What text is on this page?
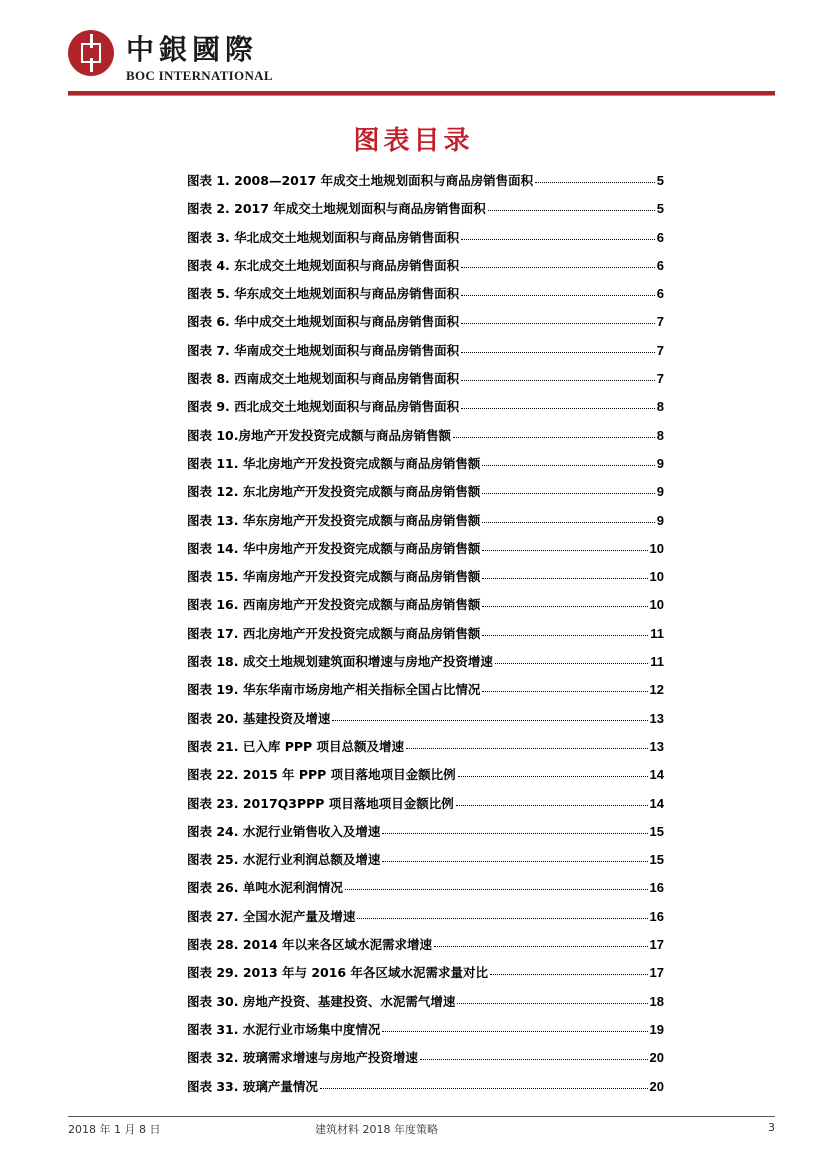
中銀國際
BOC INTERNATIONAL
图表目录
图表 1. 2008—2017 年成交土地规划面积与商品房销售面积	5
图表 2. 2017 年成交土地规划面积与商品房销售面积	5
图表 3. 华北成交土地规划面积与商品房销售面积	6
图表 4. 东北成交土地规划面积与商品房销售面积	6
图表 5. 华东成交土地规划面积与商品房销售面积	6
图表 6. 华中成交土地规划面积与商品房销售面积	7
图表 7. 华南成交土地规划面积与商品房销售面积	7
图表 8. 西南成交土地规划面积与商品房销售面积	7
图表 9. 西北成交土地规划面积与商品房销售面积	8
图表 10.房地产开发投资完成额与商品房销售额	8
图表 11. 华北房地产开发投资完成额与商品房销售额	9
图表 12. 东北房地产开发投资完成额与商品房销售额	9
图表 13. 华东房地产开发投资完成额与商品房销售额	9
图表 14. 华中房地产开发投资完成额与商品房销售额	10
图表 15. 华南房地产开发投资完成额与商品房销售额	10
图表 16. 西南房地产开发投资完成额与商品房销售额	10
图表 17. 西北房地产开发投资完成额与商品房销售额	11
图表 18. 成交土地规划建筑面积增速与房地产投资增速	11
图表 19. 华东华南市场房地产相关指标全国占比情况	12
图表 20. 基建投资及增速	13
图表 21. 已入库 PPP 项目总额及增速	13
图表 22. 2015 年 PPP 项目落地项目金额比例	14
图表 23. 2017Q3PPP 项目落地项目金额比例	14
图表 24. 水泥行业销售收入及增速	15
图表 25. 水泥行业利润总额及增速	15
图表 26. 单吨水泥利润情况	16
图表 27. 全国水泥产量及增速	16
图表 28. 2014 年以来各区域水泥需求增速	17
图表 29. 2013 年与 2016 年各区域水泥需求量对比	17
图表 30. 房地产投资、基建投资、水泥需气增速	18
图表 31. 水泥行业市场集中度情况	19
图表 32. 玻璃需求增速与房地产投资增速	20
图表 33. 玻璃产量情况	20
2018 年 1 月 8 日	建筑材料 2018 年度策略	3
